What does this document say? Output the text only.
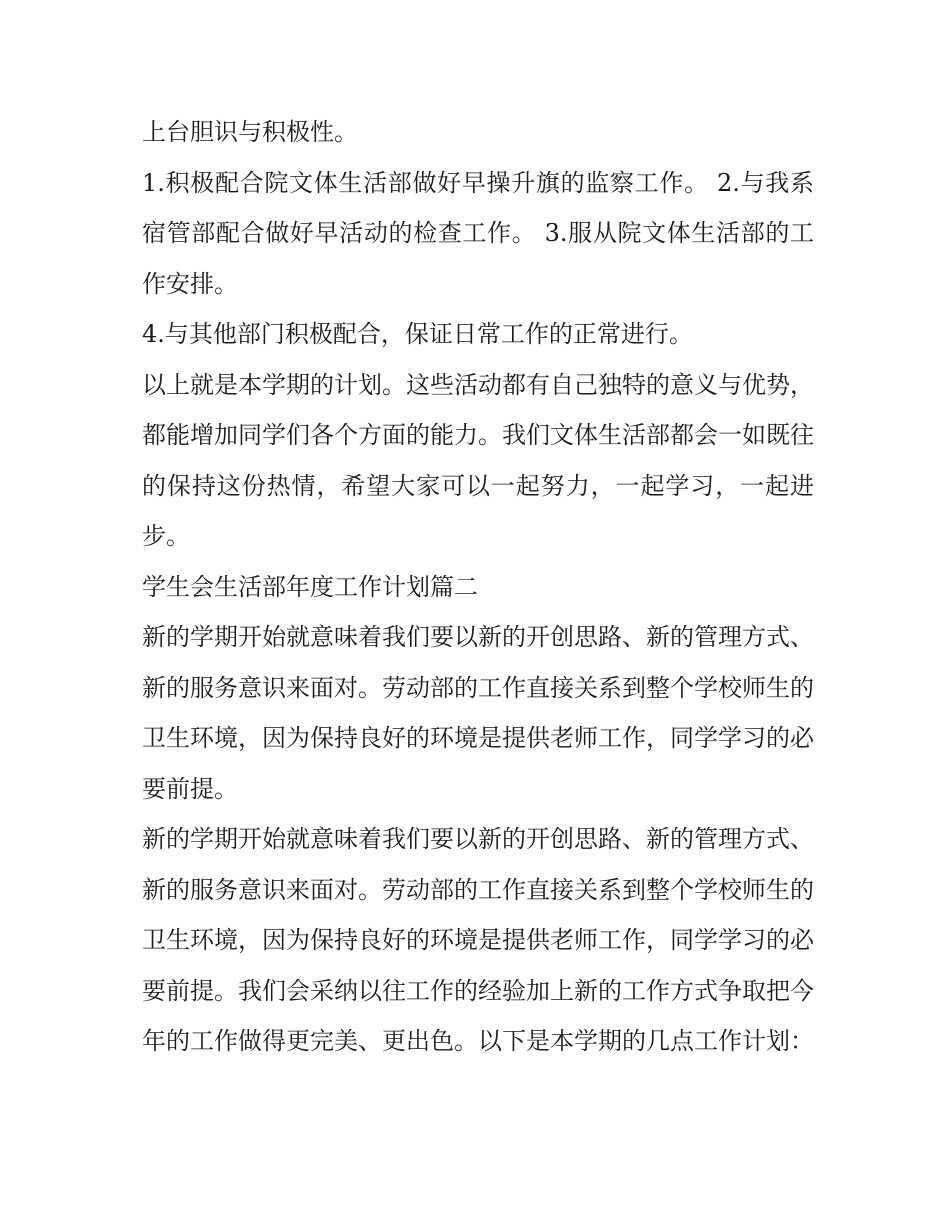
上台胆识与积极性。

1.积极配合院文体生活部做好早操升旗的监察工作。 2.与我系宿管部配合做好早活动的检查工作。 3.服从院文体生活部的工作安排。

4.与其他部门积极配合，保证日常工作的正常进行。

以上就是本学期的计划。这些活动都有自己独特的意义与优势，都能增加同学们各个方面的能力。我们文体生活部都会一如既往的保持这份热情，希望大家可以一起努力，一起学习，一起进步。

学生会生活部年度工作计划篇二

新的学期开始就意味着我们要以新的开创思路、新的管理方式、新的服务意识来面对。劳动部的工作直接关系到整个学校师生的卫生环境，因为保持良好的环境是提供老师工作，同学学习的必要前提。

新的学期开始就意味着我们要以新的开创思路、新的管理方式、新的服务意识来面对。劳动部的工作直接关系到整个学校师生的卫生环境，因为保持良好的环境是提供老师工作，同学学习的必要前提。我们会采纳以往工作的经验加上新的工作方式争取把今年的工作做得更完美、更出色。以下是本学期的几点工作计划：
